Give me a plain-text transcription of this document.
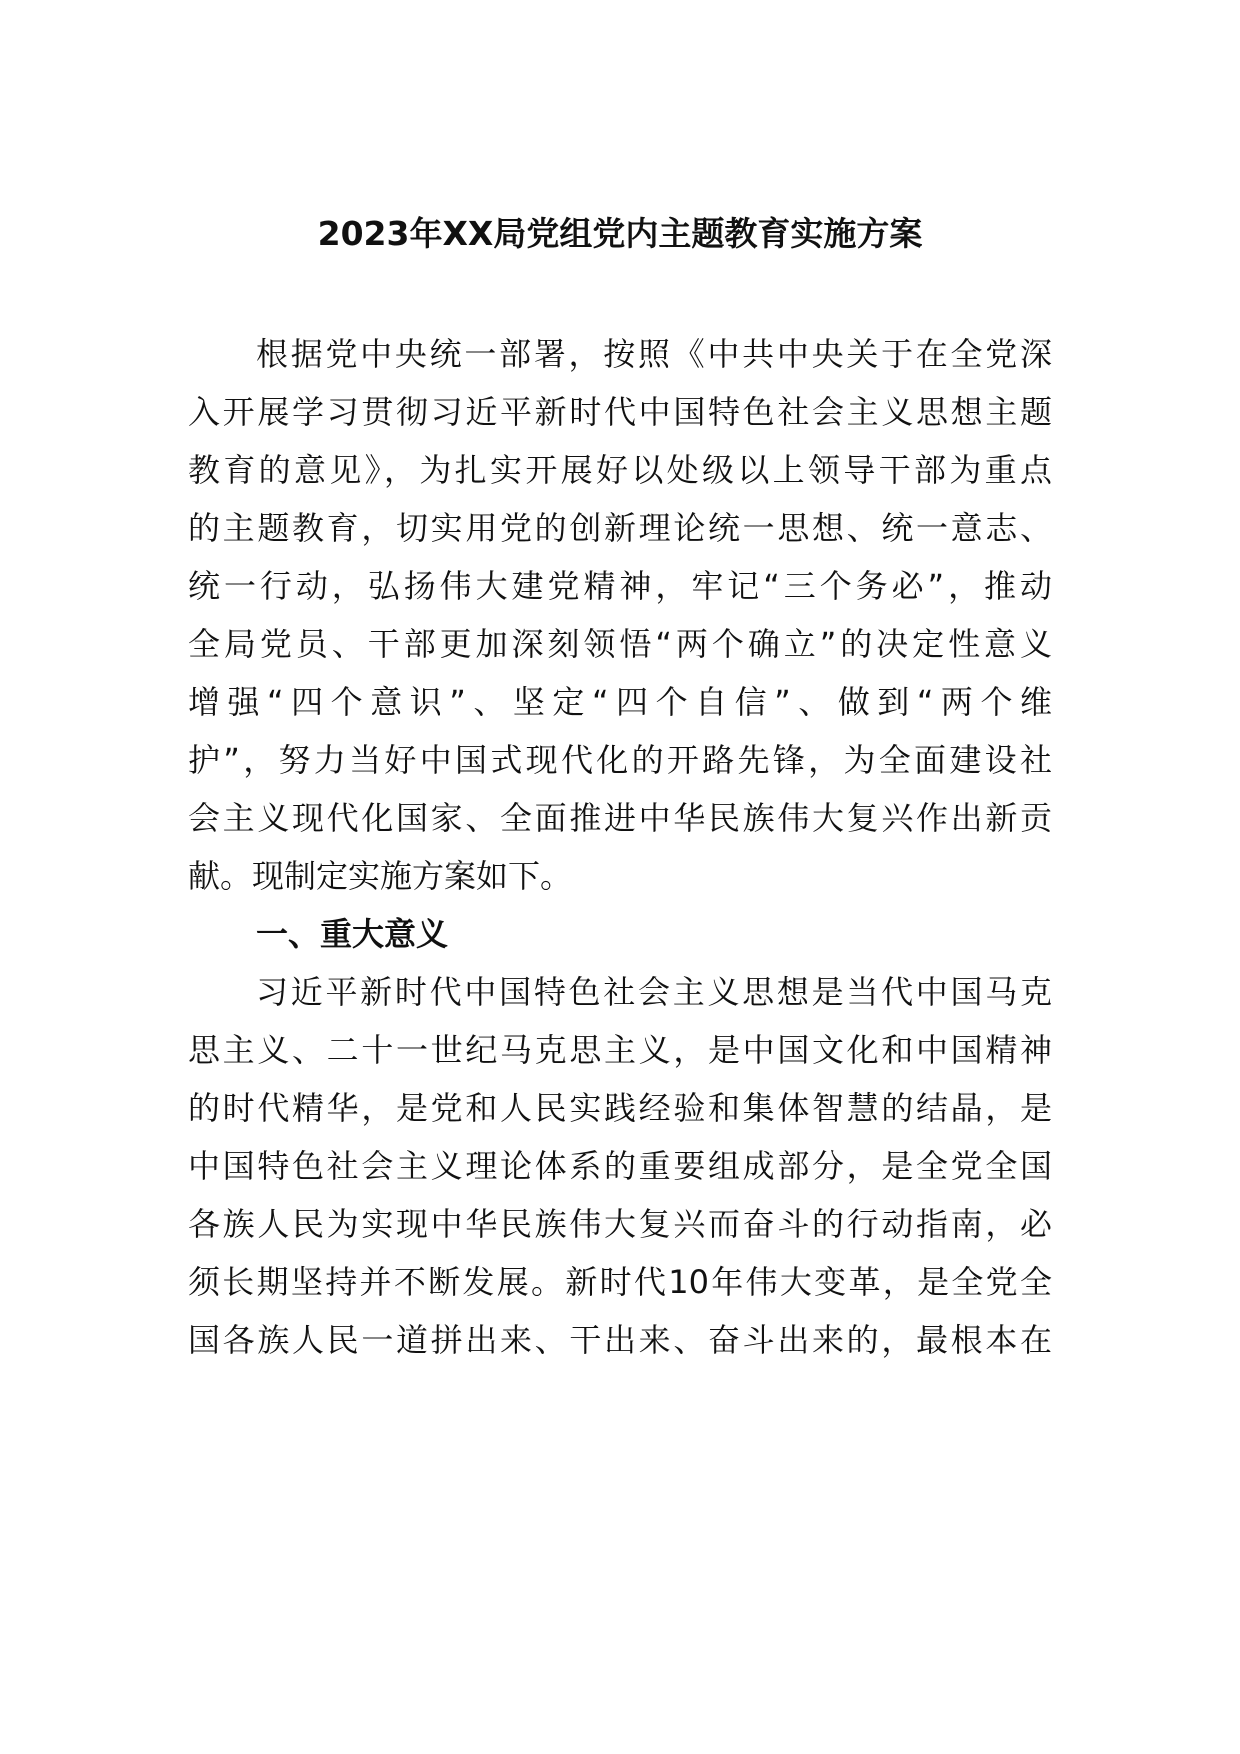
2023年XX局党组党内主题教育实施方案
根据党中央统一部署，按照《中共中央关于在全党深
入开展学习贯彻习近平新时代中国特色社会主义思想主题
教育的意见》，为扎实开展好以处级以上领导干部为重点
的主题教育，切实用党的创新理论统一思想、统一意志、
统一行动，弘扬伟大建党精神，牢记“三个务必”，推动
全局党员、干部更加深刻领悟“两个确立”的决定性意义
增强“四个意识”、坚定“四个自信”、做到“两个维
护”，努力当好中国式现代化的开路先锋，为全面建设社
会主义现代化国家、全面推进中华民族伟大复兴作出新贡
献。现制定实施方案如下。
一、重大意义
习近平新时代中国特色社会主义思想是当代中国马克
思主义、二十一世纪马克思主义，是中国文化和中国精神
的时代精华，是党和人民实践经验和集体智慧的结晶，是
中国特色社会主义理论体系的重要组成部分，是全党全国
各族人民为实现中华民族伟大复兴而奋斗的行动指南，必
须长期坚持并不断发展。新时代10年伟大变革，是全党全
国各族人民一道拼出来、干出来、奋斗出来的，最根本在
